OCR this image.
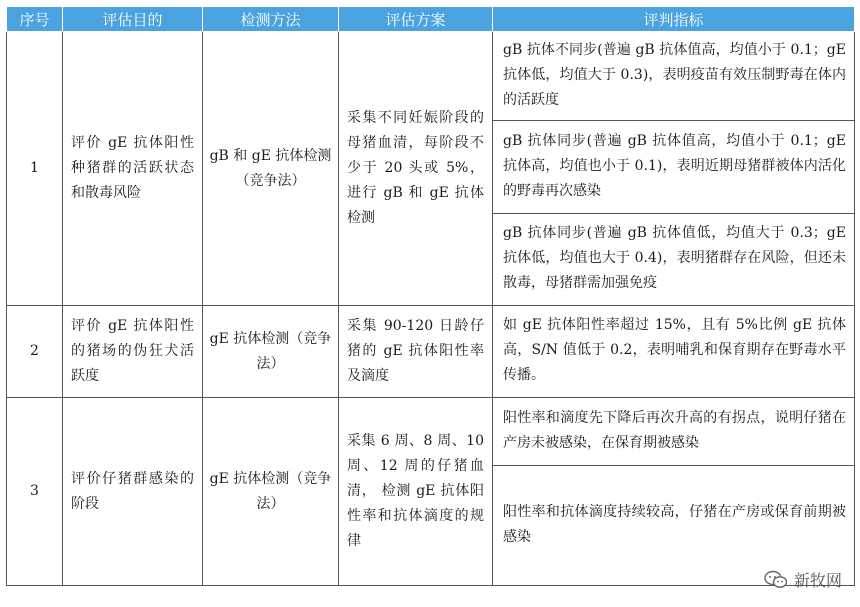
序号	评估目的	检测方法	评估方案	评判指标
1	评价 gE 抗体阳性种猪群的活跃状态和散毒风险	gB 和 gE 抗体检测（竞争法）	采集不同妊娠阶段的母猪血清，每阶段不少于 20 头或 5%，进行 gB 和 gE 抗体检测	gB 抗体不同步(普遍 gB 抗体值高，均值小于 0.1；gE 抗体低，均值大于 0.3)，表明疫苗有效压制野毒在体内的活跃度
				gB 抗体同步(普遍 gB 抗体值高，均值小于 0.1；gE 抗体高，均值也小于 0.1)，表明近期母猪群被体内活化的野毒再次感染
				gB 抗体同步(普遍 gB 抗体值低，均值大于 0.3；gE 抗体低，均值也大于 0.4)，表明猪群存在风险，但还未散毒，母猪群需加强免疫
2	评价 gE 抗体阳性的猪场的伪狂犬活跃度	gE 抗体检测（竞争法）	采集 90-120 日龄仔猪的 gE 抗体阳性率及滴度	如 gE 抗体阳性率超过 15%，且有 5%比例 gE 抗体高，S/N 值低于 0.2，表明哺乳和保育期存在野毒水平传播。
3	评价仔猪群感染的阶段	gE 抗体检测（竞争法）	采集 6 周、8 周、10 周、12 周的仔猪血清， 检测 gE 抗体阳性率和抗体滴度的规律	阳性率和滴度先下降后再次升高的有拐点，说明仔猪在产房未被感染，在保育期被感染
				阳性率和抗体滴度持续较高，仔猪在产房或保育前期被感染
新牧网
